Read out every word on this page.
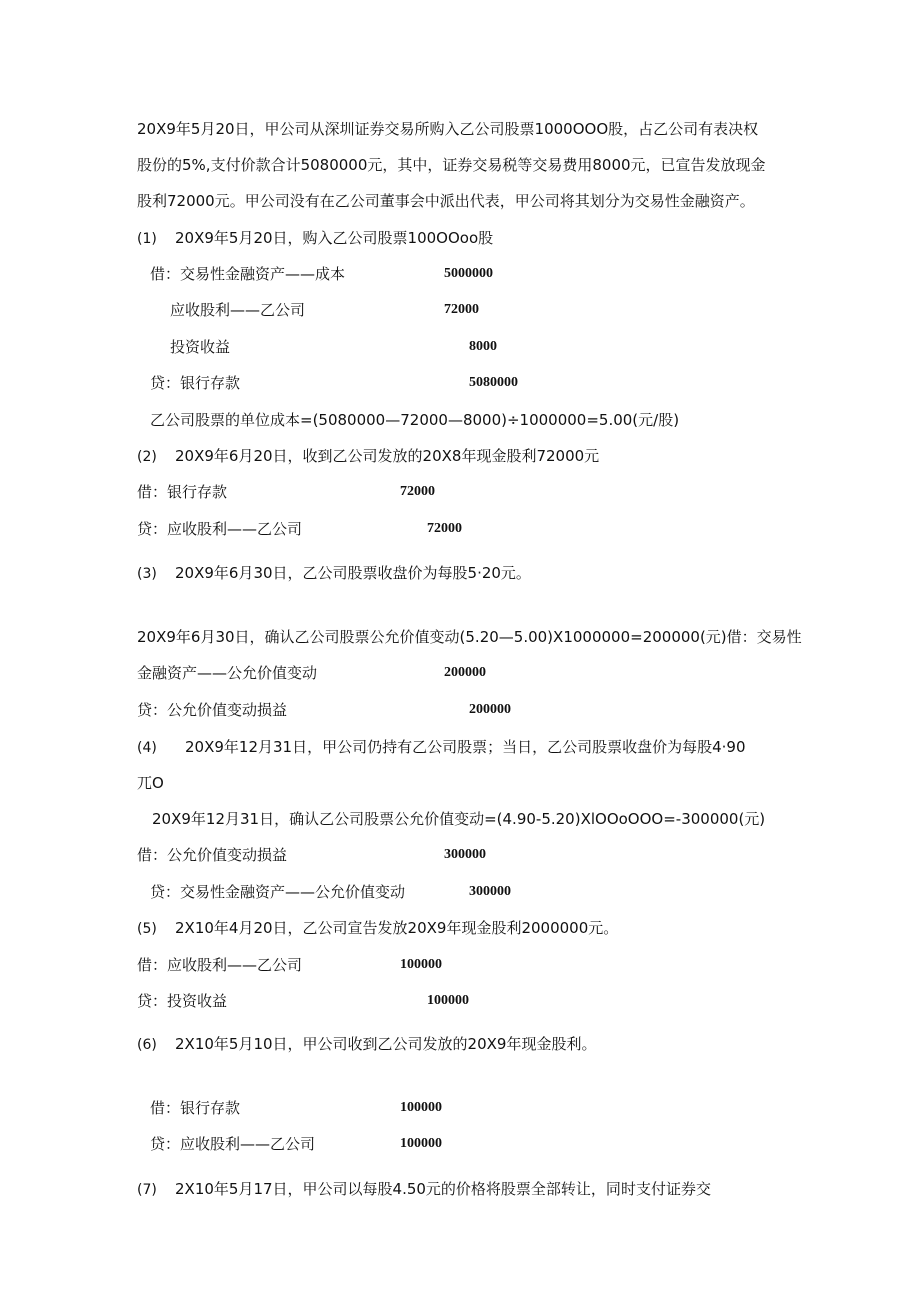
20X9年5月20日，甲公司从深圳证券交易所购入乙公司股票1000OOO股，占乙公司有表决权
股份的5%,支付价款合计5080000元，其中，证券交易税等交易费用8000元，已宣告发放现金
股利72000元。甲公司没有在乙公司董事会中派出代表，甲公司将其划分为交易性金融资产。
(1) 20X9年5月20日，购入乙公司股票100OOoo股
借：交易性金融资产——成本	5000000
应收股利——乙公司	72000
投资收益	8000
贷：银行存款	5080000
乙公司股票的单位成本=(5080000—72000—8000)÷1000000=5.00(元/股)
(2) 20X9年6月20日，收到乙公司发放的20X8年现金股利72000元
借：银行存款	72000
贷：应收股利——乙公司	72000
(3) 20X9年6月30日，乙公司股票收盘价为每股5·20元。
20X9年6月30日，确认乙公司股票公允价值变动(5.20—5.00)X1000000=200000(元)借：交易性
金融资产——公允价值变动	200000
贷：公允价值变动损益	200000
(4) 20X9年12月31日，甲公司仍持有乙公司股票；当日，乙公司股票收盘价为每股4·90
兀O
20X9年12月31日，确认乙公司股票公允价值变动=(4.90-5.20)XlOOoOOO=-300000(元)
借：公允价值变动损益	300000
贷：交易性金融资产——公允价值变动	300000
(5) 2X10年4月20日，乙公司宣告发放20X9年现金股利2000000元。
借：应收股利——乙公司	100000
贷：投资收益	100000
(6) 2X10年5月10日，甲公司收到乙公司发放的20X9年现金股利。
借：银行存款	100000
贷：应收股利——乙公司	100000
(7) 2X10年5月17日，甲公司以每股4.50元的价格将股票全部转让，同时支付证券交
